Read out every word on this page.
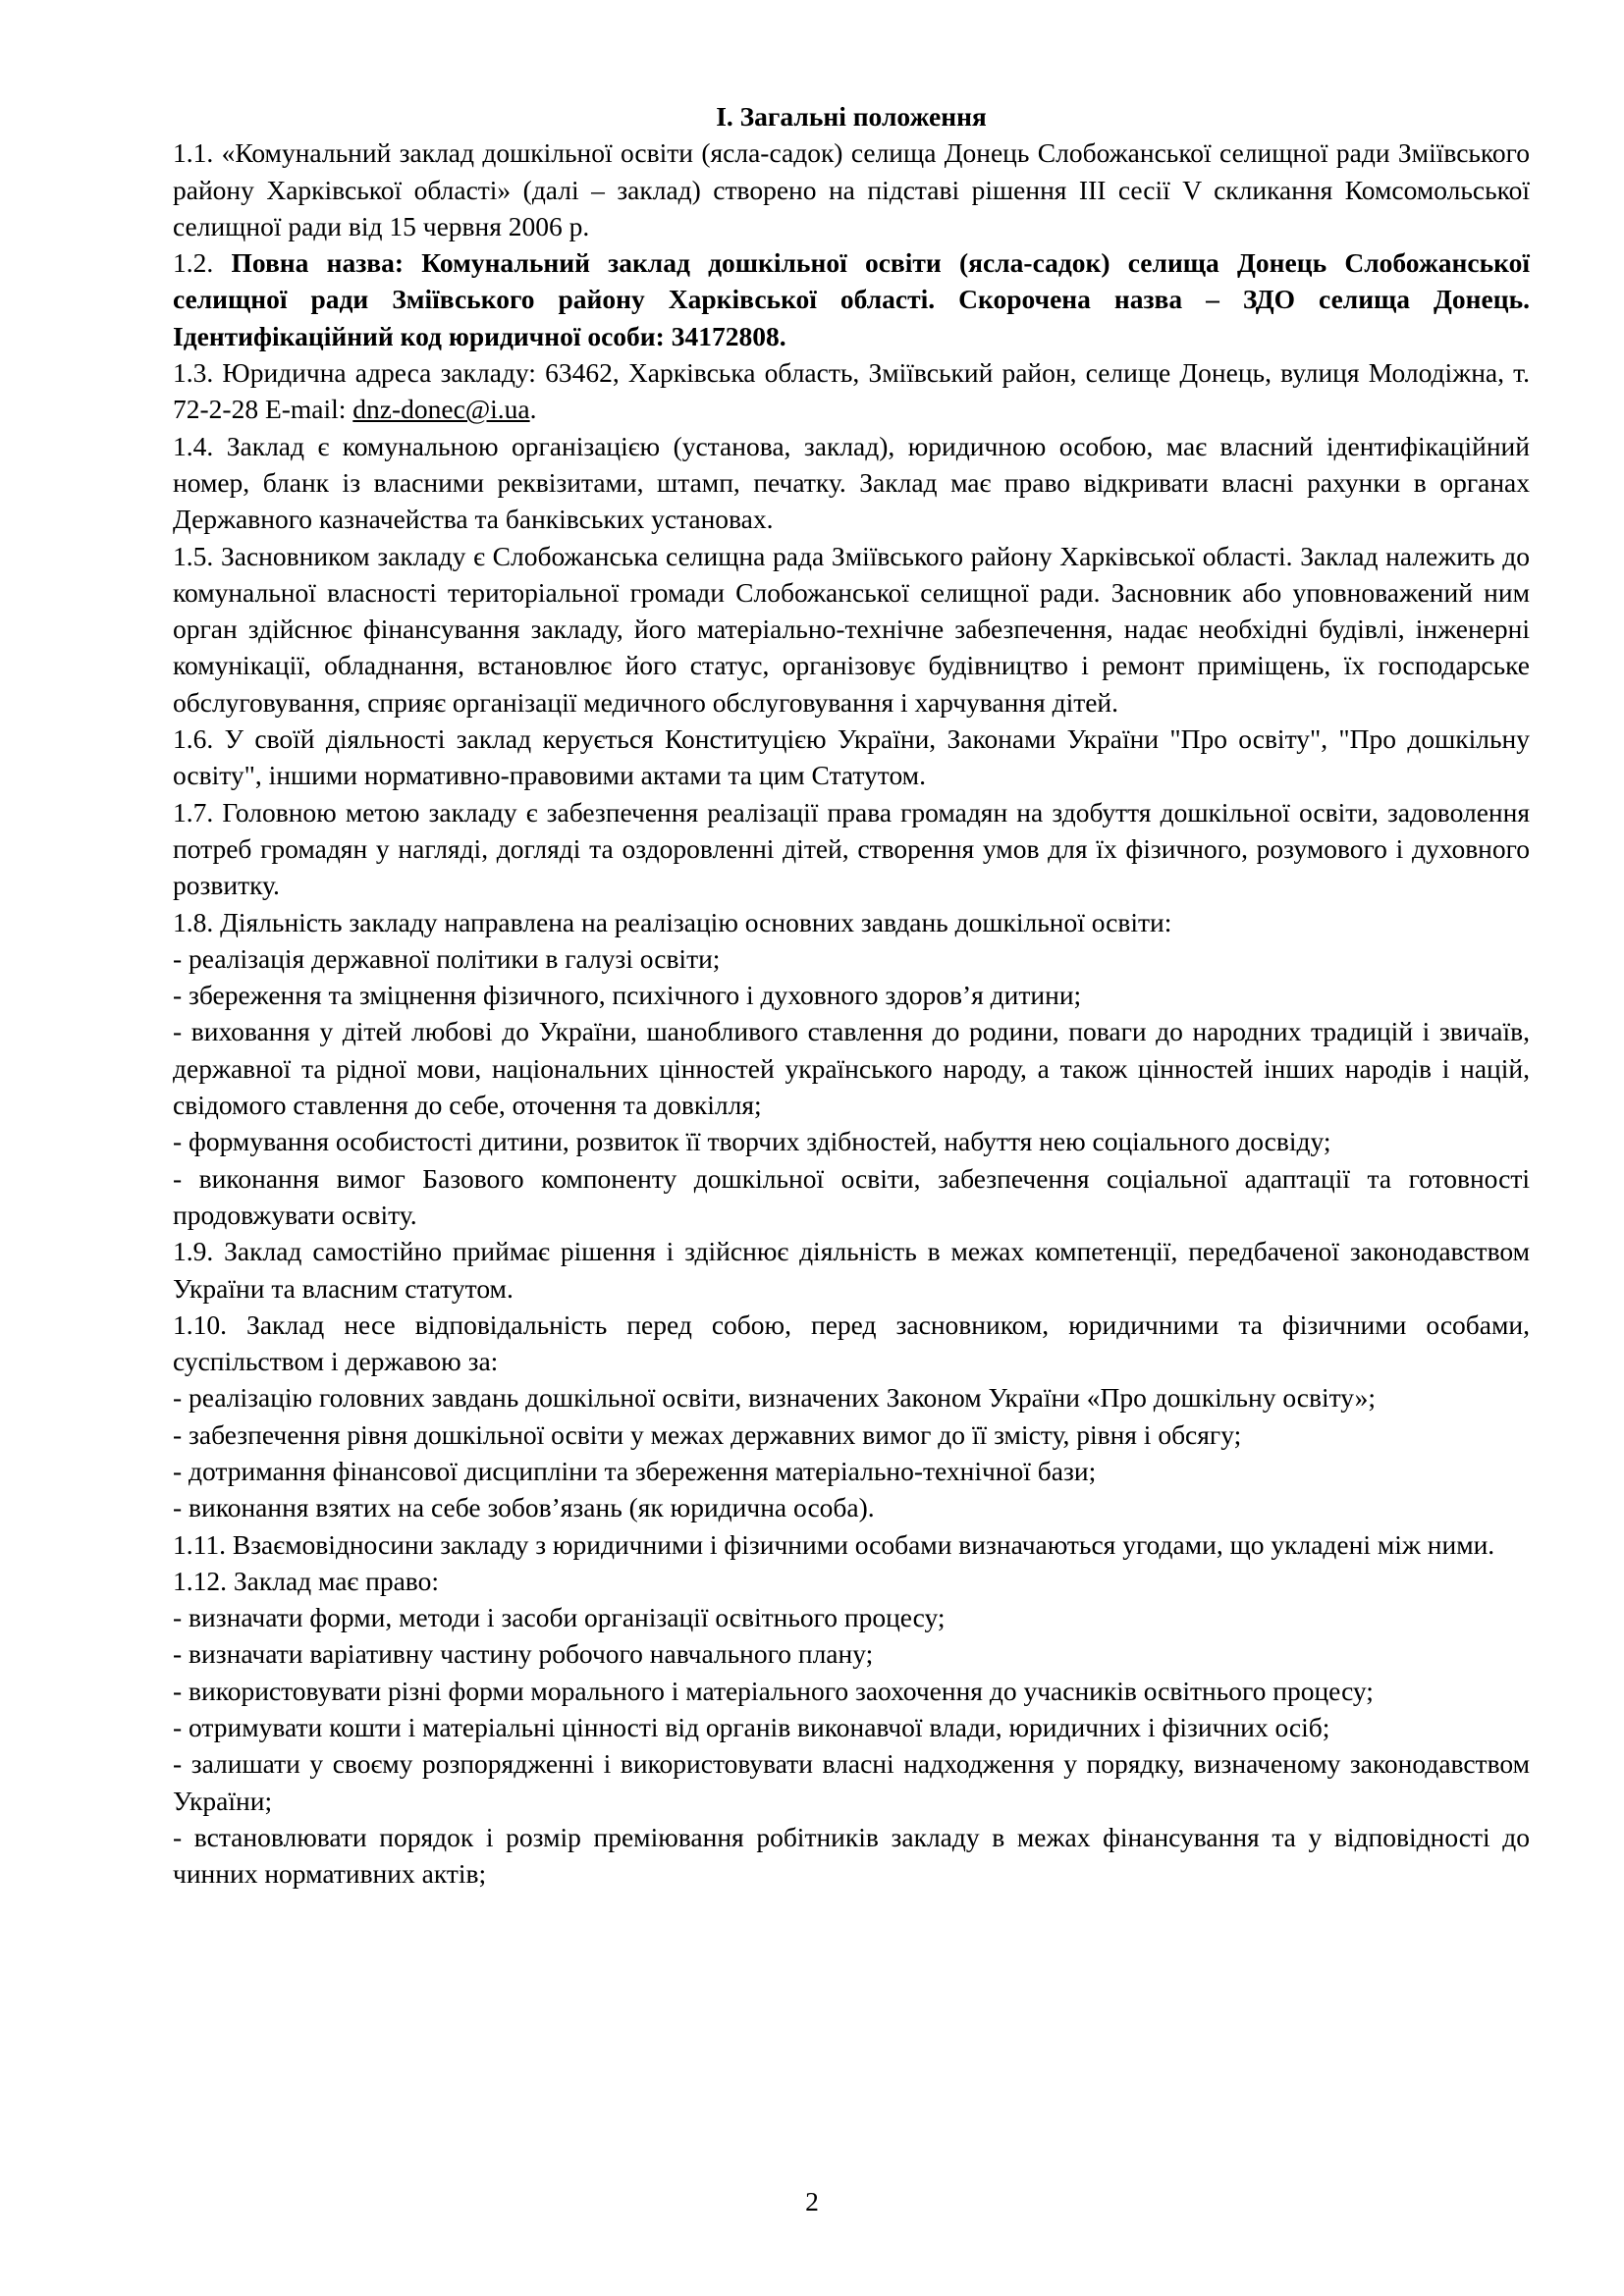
І. Загальні положення

1.1. «Комунальний заклад дошкільної освіти (ясла-садок) селища Донець Слобожанської селищної ради Зміївського району Харківської області» (далі – заклад) створено на підставі рішення ІІІ сесії V скликання Комсомольської селищної ради від 15 червня 2006 р.

1.2. Повна назва: Комунальний заклад дошкільної освіти (ясла-садок) селища Донець Слобожанської селищної ради Зміївського району Харківської області. Скорочена назва – ЗДО селища Донець. Ідентифікаційний код юридичної особи: 34172808.

1.3. Юридична адреса закладу: 63462, Харківська область, Зміївський район, селище Донець, вулиця Молодіжна, т. 72-2-28 E-mail: dnz-donec@i.ua.

1.4. Заклад є комунальною організацією (установа, заклад), юридичною особою, має власний ідентифікаційний номер, бланк із власними реквізитами, штамп, печатку. Заклад має право відкривати власні рахунки в органах Державного казначейства та банківських установах.

1.5. Засновником закладу є Слобожанська селищна рада Зміївського району Харківської області. Заклад належить до комунальної власності територіальної громади Слобожанської селищної ради. Засновник або уповноважений ним орган здійснює фінансування закладу, його матеріально-технічне забезпечення, надає необхідні будівлі, інженерні комунікації, обладнання, встановлює його статус, організовує будівництво і ремонт приміщень, їх господарське обслуговування, сприяє організації медичного обслуговування і харчування дітей.

1.6. У своїй діяльності заклад керується Конституцією України, Законами України "Про освіту", "Про дошкільну освіту", іншими нормативно-правовими актами та цим Статутом.

1.7. Головною метою закладу є забезпечення реалізації права громадян на здобуття дошкільної освіти, задоволення потреб громадян у нагляді, догляді та оздоровленні дітей, створення умов для їх фізичного, розумового і духовного розвитку.

1.8. Діяльність закладу направлена на реалізацію основних завдань дошкільної освіти:

- реалізація державної політики в галузі освіти;

- збереження та зміцнення фізичного, психічного і духовного здоров’я дитини;

- виховання у дітей любові до України, шанобливого ставлення до родини, поваги до народних традицій і звичаїв, державної та рідної мови, національних цінностей українського народу, а також цінностей інших народів і націй, свідомого ставлення до себе, оточення та довкілля;

- формування особистості дитини, розвиток її творчих здібностей, набуття нею соціального досвіду;

- виконання вимог Базового компоненту дошкільної освіти, забезпечення соціальної адаптації та готовності продовжувати освіту.

1.9. Заклад самостійно приймає рішення і здійснює діяльність в межах компетенції, передбаченої законодавством України та власним статутом.

1.10. Заклад несе відповідальність перед собою, перед засновником, юридичними та фізичними особами, суспільством і державою за:

- реалізацію головних завдань дошкільної освіти, визначених Законом України «Про дошкільну освіту»;

- забезпечення рівня дошкільної освіти у межах державних вимог до її змісту, рівня і обсягу;

- дотримання фінансової дисципліни та збереження матеріально-технічної бази;

- виконання взятих на себе зобов’язань (як юридична особа).

1.11. Взаємовідносини закладу з юридичними і фізичними особами визначаються угодами, що укладені між ними.

1.12. Заклад має право:

- визначати форми, методи і засоби організації освітнього процесу;

- визначати варіативну частину робочого навчального плану;

- використовувати різні форми морального і матеріального заохочення до учасників освітнього процесу;

- отримувати кошти і матеріальні цінності від органів виконавчої влади, юридичних і фізичних осіб;

- залишати у своєму розпорядженні і використовувати власні надходження у порядку, визначеному законодавством України;

- встановлювати порядок і розмір преміювання робітників закладу в межах фінансування та у відповідності до чинних нормативних актів;

2
